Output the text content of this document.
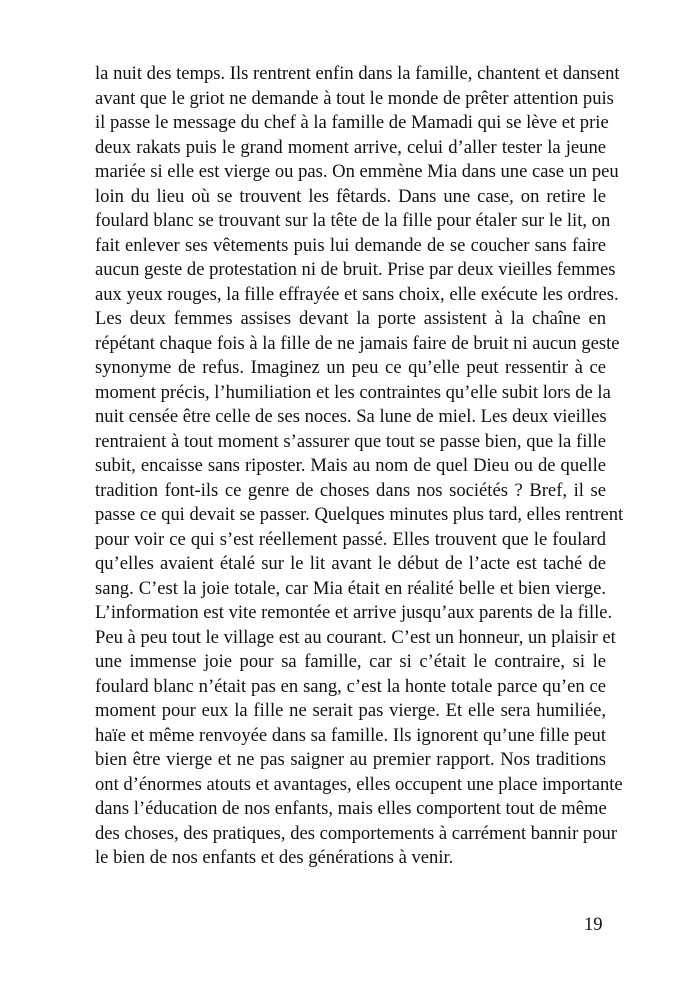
la nuit des temps. Ils rentrent enfin dans la famille, chantent et dansent
avant que le griot ne demande à tout le monde de prêter attention puis
il passe le message du chef à la famille de Mamadi qui se lève et prie
deux rakats puis le grand moment arrive, celui d’aller tester la jeune
mariée si elle est vierge ou pas. On emmène Mia dans une case un peu
loin du lieu où se trouvent les fêtards. Dans une case, on retire le
foulard blanc se trouvant sur la tête de la fille pour étaler sur le lit, on
fait enlever ses vêtements puis lui demande de se coucher sans faire
aucun geste de protestation ni de bruit. Prise par deux vieilles femmes
aux yeux rouges, la fille effrayée et sans choix, elle exécute les ordres.
Les deux femmes assises devant la porte assistent à la chaîne en
répétant chaque fois à la fille de ne jamais faire de bruit ni aucun geste
synonyme de refus. Imaginez un peu ce qu’elle peut ressentir à ce
moment précis, l’humiliation et les contraintes qu’elle subit lors de la
nuit censée être celle de ses noces. Sa lune de miel. Les deux vieilles
rentraient à tout moment s’assurer que tout se passe bien, que la fille
subit, encaisse sans riposter. Mais au nom de quel Dieu ou de quelle
tradition font-ils ce genre de choses dans nos sociétés ? Bref, il se
passe ce qui devait se passer. Quelques minutes plus tard, elles rentrent
pour voir ce qui s’est réellement passé. Elles trouvent que le foulard
qu’elles avaient étalé sur le lit avant le début de l’acte est taché de
sang. C’est la joie totale, car Mia était en réalité belle et bien vierge.
L’information est vite remontée et arrive jusqu’aux parents de la fille.
Peu à peu tout le village est au courant. C’est un honneur, un plaisir et
une immense joie pour sa famille, car si c’était le contraire, si le
foulard blanc n’était pas en sang, c’est la honte totale parce qu’en ce
moment pour eux la fille ne serait pas vierge. Et elle sera humiliée,
haïe et même renvoyée dans sa famille. Ils ignorent qu’une fille peut
bien être vierge et ne pas saigner au premier rapport. Nos traditions
ont d’énormes atouts et avantages, elles occupent une place importante
dans l’éducation de nos enfants, mais elles comportent tout de même
des choses, des pratiques, des comportements à carrément bannir pour
le bien de nos enfants et des générations à venir.
19
